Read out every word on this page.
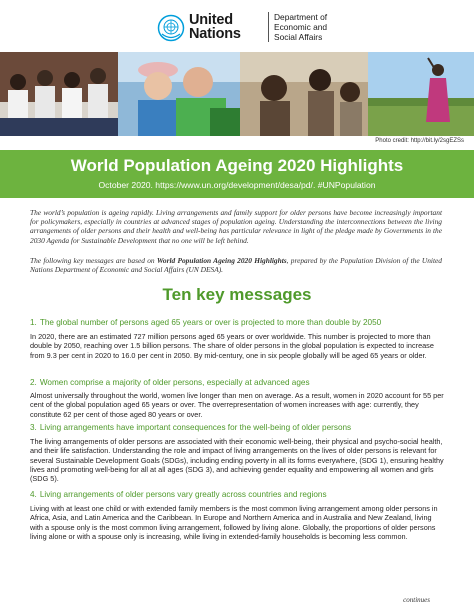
United
Nations
Department of
Economic and
Social Affairs
Photo credit: http://bit.ly/2sgEZSs
World Population Ageing 2020 Highlights
October 2020. https://www.un.org/development/desa/pd/. #UNPopulation

The world’s population is ageing rapidly. Living arrangements and family support for older persons have become increasingly important for policymakers, especially in countries at advanced stages of population ageing. Understanding the interconnections between the living arrangements of older persons and their health and well-being has particular relevance in light of the pledge made by Governments in the 2030 Agenda for Sustainable Development that no one will be left behind.

The following key messages are based on World Population Ageing 2020 Highlights, prepared by the Population Division of the United Nations Department of Economic and Social Affairs (UN DESA).

Ten key messages
1. The global number of persons aged 65 years or over is projected to more than double by 2050

In 2020, there are an estimated 727 million persons aged 65 years or over worldwide. This number is projected to more than double by 2050, reaching over 1.5 billion persons. The share of older persons in the global population is expected to increase from 9.3 per cent in 2020 to 16.0 per cent in 2050. By mid-century, one in six people globally will be aged 65 years or older.

2. Women comprise a majority of older persons, especially at advanced ages

Almost universally throughout the world, women live longer than men on average. As a result, women in 2020 account for 55 per cent of the global population aged 65 years or over. The overrepresentation of women increases with age: currently, they constitute 62 per cent of those aged 80 years or over.

3. Living arrangements have important consequences for the well-being of older persons

The living arrangements of older persons are associated with their economic well-being, their physical and psycho-social health, and their life satisfaction. Understanding the role and impact of living arrangements on the lives of older persons is relevant for several Sustainable Development Goals (SDGs), including ending poverty in all its forms everywhere, (SDG 1), ensuring healthy lives and promoting well-being for all at all ages (SDG 3), and achieving gender equality and empowering all women and girls (SDG 5).

4. Living arrangements of older persons vary greatly across countries and regions

Living with at least one child or with extended family members is the most common living arrangement among older persons in Africa, Asia, and Latin America and the Caribbean. In Europe and Northern America and in Australia and New Zealand, living with a spouse only is the most common living arrangement, followed by living alone. Globally, the proportions of older persons living alone or with a spouse only is increasing, while living in extended-family households is becoming less common.

continues
